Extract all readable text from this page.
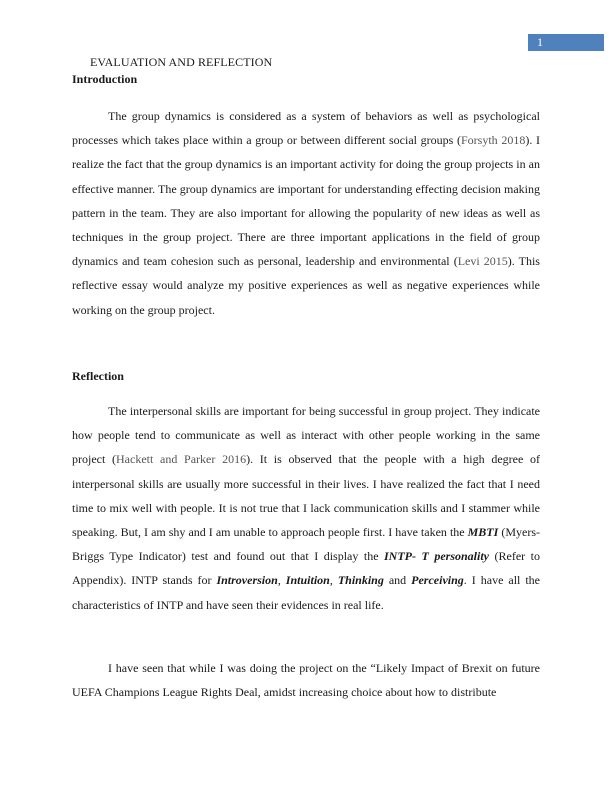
1
EVALUATION AND REFLECTION
Introduction

The group dynamics is considered as a system of behaviors as well as psychological processes which takes place within a group or between different social groups (Forsyth 2018). I realize the fact that the group dynamics is an important activity for doing the group projects in an effective manner. The group dynamics are important for understanding effecting decision making pattern in the team. They are also important for allowing the popularity of new ideas as well as techniques in the group project. There are three important applications in the field of group dynamics and team cohesion such as personal, leadership and environmental (Levi 2015). This reflective essay would analyze my positive experiences as well as negative experiences while working on the group project.

Reflection

The interpersonal skills are important for being successful in group project. They indicate how people tend to communicate as well as interact with other people working in the same project (Hackett and Parker 2016). It is observed that the people with a high degree of interpersonal skills are usually more successful in their lives. I have realized the fact that I need time to mix well with people. It is not true that I lack communication skills and I stammer while speaking. But, I am shy and I am unable to approach people first. I have taken the MBTI (Myers-Briggs Type Indicator) test and found out that I display the INTP- T personality (Refer to Appendix). INTP stands for Introversion, Intuition, Thinking and Perceiving. I have all the characteristics of INTP and have seen their evidences in real life.

I have seen that while I was doing the project on the “Likely Impact of Brexit on future UEFA Champions League Rights Deal, amidst increasing choice about how to distribute
